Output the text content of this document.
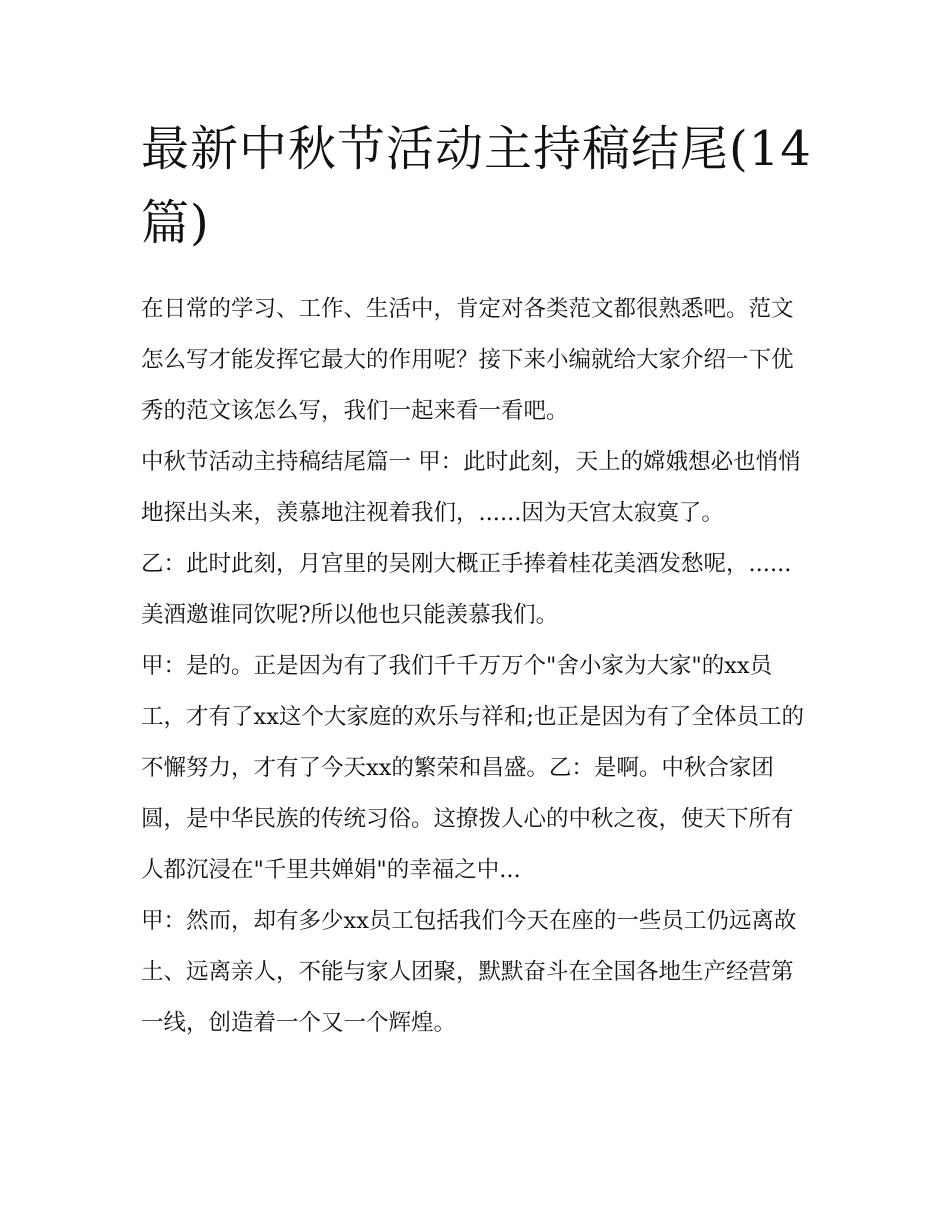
最新中秋节活动主持稿结尾(14篇)

在日常的学习、工作、生活中，肯定对各类范文都很熟悉吧。范文怎么写才能发挥它最大的作用呢？接下来小编就给大家介绍一下优秀的范文该怎么写，我们一起来看一看吧。

中秋节活动主持稿结尾篇一 甲：此时此刻，天上的嫦娥想必也悄悄地探出头来，羡慕地注视着我们，......因为天宫太寂寞了。

乙：此时此刻，月宫里的吴刚大概正手捧着桂花美酒发愁呢，......美酒邀谁同饮呢?所以他也只能羡慕我们。

甲：是的。正是因为有了我们千千万万个"舍小家为大家"的xx员工，才有了xx这个大家庭的欢乐与祥和;也正是因为有了全体员工的不懈努力，才有了今天xx的繁荣和昌盛。乙：是啊。中秋合家团圆，是中华民族的传统习俗。这撩拨人心的中秋之夜，使天下所有人都沉浸在"千里共婵娟"的幸福之中...

甲：然而，却有多少xx员工包括我们今天在座的一些员工仍远离故土、远离亲人，不能与家人团聚，默默奋斗在全国各地生产经营第一线，创造着一个又一个辉煌。
